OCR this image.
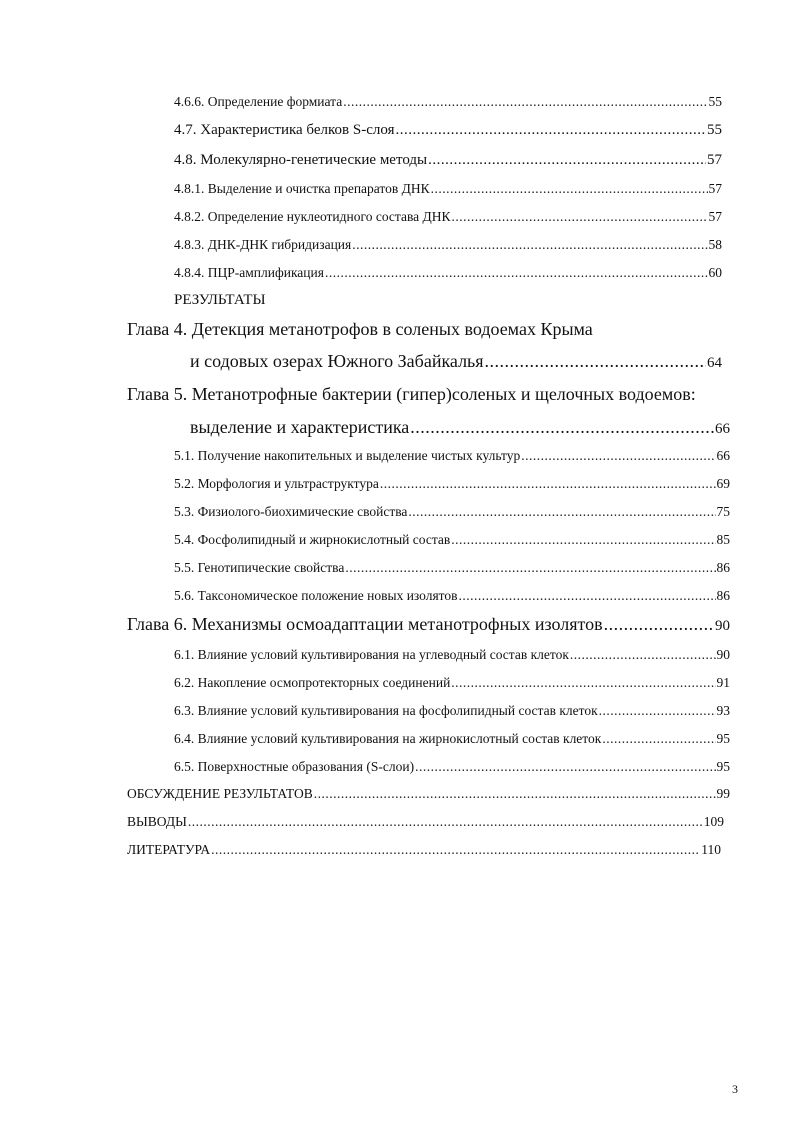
4.6.6. Определение формиата .....	55
4.7. Характеристика белков S-слоя .....	55
4.8. Молекулярно-генетические методы .....	57
4.8.1. Выделение и очистка препаратов ДНК .....	57
4.8.2. Определение нуклеотидного состава ДНК .....	57
4.8.3. ДНК-ДНК гибридизация .....	58
4.8.4. ПЦР-амплификация .....	60
РЕЗУЛЬТАТЫ
Глава 4. Детекция метанотрофов в соленых водоемах Крыма
и содовых озерах Южного Забайкалья .....	64
Глава 5. Метанотрофные бактерии (гипер)соленых и щелочных водоемов:
выделение и характеристика .....	66
5.1. Получение накопительных и выделение чистых культур .....	66
5.2. Морфология и ультраструктура .....	69
5.3. Физиолого-биохимические свойства .....	75
5.4. Фосфолипидный и жирнокислотный состав .....	85
5.5. Генотипические свойства .....	86
5.6. Таксономическое положение новых изолятов .....	86
Глава 6. Механизмы осмоадаптации метанотрофных изолятов .....	90
6.1. Влияние условий культивирования на углеводный состав клеток .....	90
6.2. Накопление осмопротекторных соединений .....	91
6.3. Влияние условий культивирования на фосфолипидный состав клеток .....	93
6.4. Влияние условий культивирования на жирнокислотный состав клеток .....	95
6.5. Поверхностные образования (S-слои) .....	95
ОБСУЖДЕНИЕ РЕЗУЛЬТАТОВ .....	99
ВЫВОДЫ .....	109
ЛИТЕРАТУРА .....	110
3
